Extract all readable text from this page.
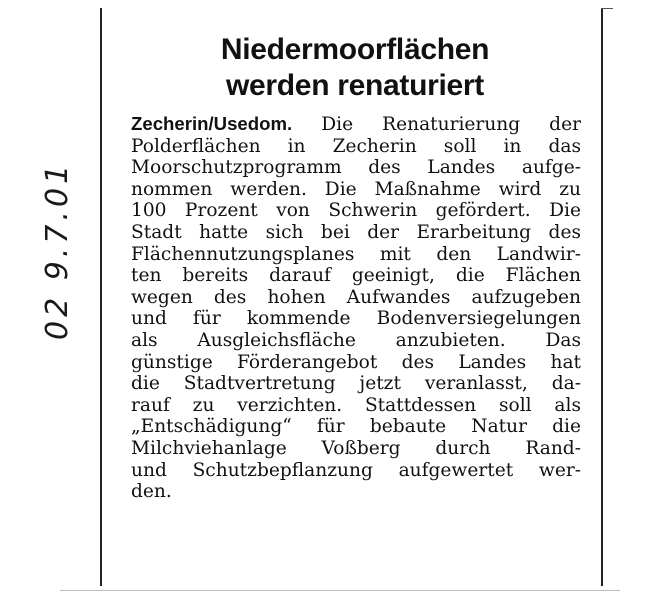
02 9.7.01
Niedermoorflächen
werden renaturiert
Zecherin/Usedom. Die Renaturierung der
Polderflächen in Zecherin soll in das
Moorschutzprogramm des Landes aufge-
nommen werden. Die Maßnahme wird zu
100 Prozent von Schwerin gefördert. Die
Stadt hatte sich bei der Erarbeitung des
Flächennutzungsplanes mit den Landwir-
ten bereits darauf geeinigt, die Flächen
wegen des hohen Aufwandes aufzugeben
und für kommende Bodenversiegelungen
als Ausgleichsfläche anzubieten. Das
günstige Förderangebot des Landes hat
die Stadtvertretung jetzt veranlasst, da-
rauf zu verzichten. Stattdessen soll als
„Entschädigung“ für bebaute Natur die
Milchviehanlage Voßberg durch Rand-
und Schutzbepflanzung aufgewertet wer-
den.
